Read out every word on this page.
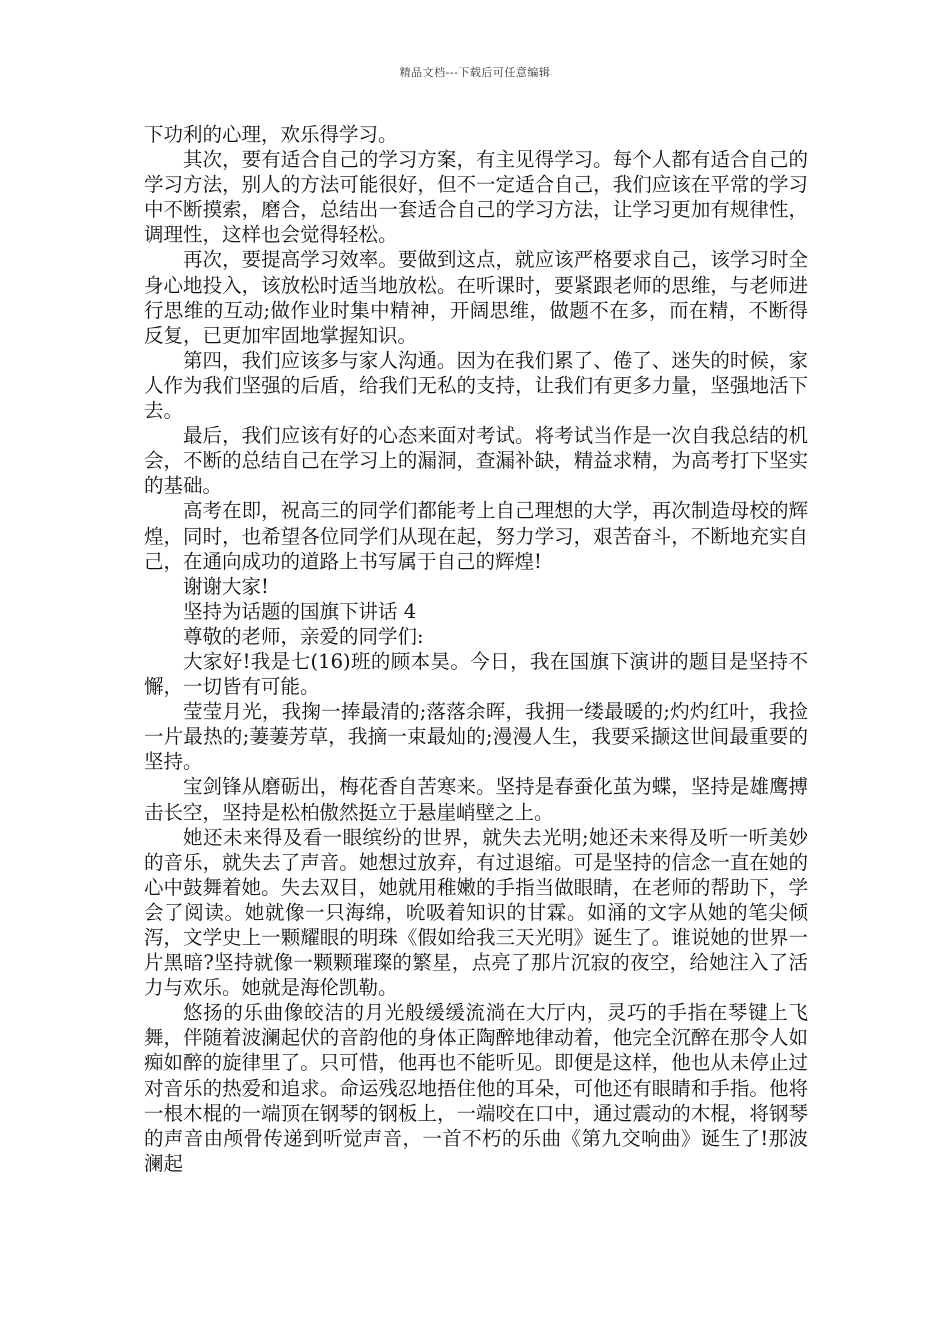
精品文档---下载后可任意编辑

下功利的心理，欢乐得学习。

其次，要有适合自己的学习方案，有主见得学习。每个人都有适合自己的学习方法，别人的方法可能很好，但不一定适合自己，我们应该在平常的学习中不断摸索，磨合，总结出一套适合自己的学习方法，让学习更加有规律性，调理性，这样也会觉得轻松。

再次，要提高学习效率。要做到这点，就应该严格要求自己，该学习时全身心地投入，该放松时适当地放松。在听课时，要紧跟老师的思维，与老师进行思维的互动;做作业时集中精神，开阔思维，做题不在多，而在精，不断得反复，已更加牢固地掌握知识。

第四，我们应该多与家人沟通。因为在我们累了、倦了、迷失的时候，家人作为我们坚强的后盾，给我们无私的支持，让我们有更多力量，坚强地活下去。

最后，我们应该有好的心态来面对考试。将考试当作是一次自我总结的机会，不断的总结自己在学习上的漏洞，查漏补缺，精益求精，为高考打下坚实的基础。

高考在即，祝高三的同学们都能考上自己理想的大学，再次制造母校的辉煌，同时，也希望各位同学们从现在起，努力学习，艰苦奋斗，不断地充实自己，在通向成功的道路上书写属于自己的辉煌!

谢谢大家!

坚持为话题的国旗下讲话 4

尊敬的老师，亲爱的同学们:

大家好!我是七(16)班的顾本昊。今日，我在国旗下演讲的题目是坚持不懈，一切皆有可能。

莹莹月光，我掬一捧最清的;落落余晖，我拥一缕最暖的;灼灼红叶，我捡一片最热的;萋萋芳草，我摘一束最灿的;漫漫人生，我要采撷这世间最重要的坚持。

宝剑锋从磨砺出，梅花香自苦寒来。坚持是春蚕化茧为蝶，坚持是雄鹰搏击长空，坚持是松柏傲然挺立于悬崖峭壁之上。

她还未来得及看一眼缤纷的世界，就失去光明;她还未来得及听一听美妙的音乐，就失去了声音。她想过放弃，有过退缩。可是坚持的信念一直在她的心中鼓舞着她。失去双目，她就用稚嫩的手指当做眼睛，在老师的帮助下，学会了阅读。她就像一只海绵，吮吸着知识的甘霖。如涌的文字从她的笔尖倾泻，文学史上一颗耀眼的明珠《假如给我三天光明》诞生了。谁说她的世界一片黑暗?坚持就像一颗颗璀璨的繁星，点亮了那片沉寂的夜空，给她注入了活力与欢乐。她就是海伦凯勒。

悠扬的乐曲像皎洁的月光般缓缓流淌在大厅内，灵巧的手指在琴键上飞舞，伴随着波澜起伏的音韵他的身体正陶醉地律动着，他完全沉醉在那令人如痴如醉的旋律里了。只可惜，他再也不能听见。即便是这样，他也从未停止过对音乐的热爱和追求。命运残忍地捂住他的耳朵，可他还有眼睛和手指。他将一根木棍的一端顶在钢琴的钢板上，一端咬在口中，通过震动的木棍，将钢琴的声音由颅骨传递到听觉声音，一首不朽的乐曲《第九交响曲》诞生了!那波澜起
